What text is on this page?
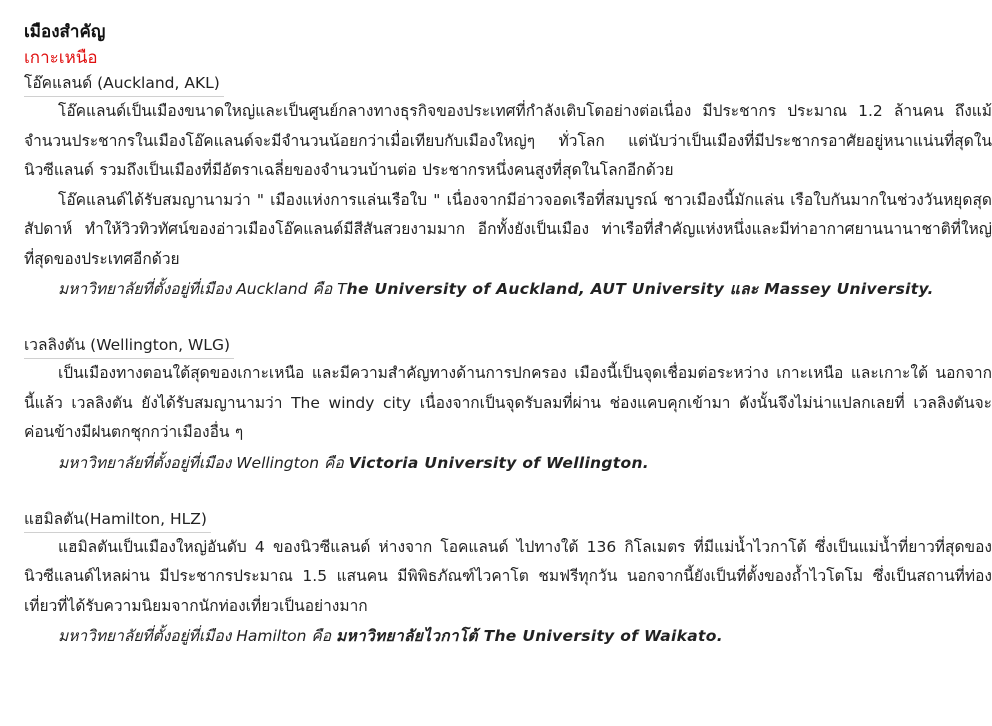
เมืองสำคัญ
เกาะเหนือ
โอ๊คแลนด์ (Auckland, AKL)

โอ๊คแลนด์เป็นเมืองขนาดใหญ่และเป็นศูนย์กลางทางธุรกิจของประเทศที่กำลังเติบโตอย่างต่อเนื่อง มีประชากร ประมาณ 1.2 ล้านคน ถึงแม้จำนวนประชากรในเมืองโอ๊คแลนด์จะมีจำนวนน้อยกว่าเมื่อเทียบกับเมืองใหญ่ๆ ทั่วโลก แต่นับว่าเป็นเมืองที่มีประชากรอาศัยอยู่หนาแน่นที่สุดในนิวซีแลนด์ รวมถึงเป็นเมืองที่มีอัตราเฉลี่ยของจำนวนบ้านต่อ ประชากรหนึ่งคนสูงที่สุดในโลกอีกด้วย

โอ๊คแลนด์ได้รับสมญานามว่า " เมืองแห่งการแล่นเรือใบ " เนื่องจากมีอ่าวจอดเรือที่สมบูรณ์ ชาวเมืองนี้มักแล่น เรือใบกันมากในช่วงวันหยุดสุดสัปดาห์ ทำให้วิวทิวทัศน์ของอ่าวเมืองโอ๊คแลนด์มีสีสันสวยงามมาก อีกทั้งยังเป็นเมือง ท่าเรือที่สำคัญแห่งหนึ่งและมีท่าอากาศยานนานาชาติที่ใหญ่ที่สุดของประเทศอีกด้วย

มหาวิทยาลัยที่ตั้งอยู่ที่เมือง Auckland คือ The University of Auckland, AUT University และ Massey University.

เวลลิงตัน (Wellington, WLG)

เป็นเมืองทางตอนใต้สุดของเกาะเหนือ และมีความสำคัญทางด้านการปกครอง เมืองนี้เป็นจุดเชื่อมต่อระหว่าง เกาะเหนือ และเกาะใต้ นอกจากนี้แล้ว เวลลิงตัน ยังได้รับสมญานามว่า The windy city เนื่องจากเป็นจุดรับลมที่ผ่าน ช่องแคบคุกเข้ามา ดังนั้นจึงไม่น่าแปลกเลยที่ เวลลิงตันจะค่อนข้างมีฝนตกชุกกว่าเมืองอื่น ๆ

มหาวิทยาลัยที่ตั้งอยู่ที่เมือง Wellington คือ Victoria University of Wellington.

แฮมิลตัน(Hamilton, HLZ)

แฮมิลตันเป็นเมืองใหญ่อันดับ 4 ของนิวซีแลนด์ ห่างจาก โอคแลนด์ ไปทางใต้ 136 กิโลเมตร ที่มีแม่น้ำไวกาโต้ ซึ่งเป็นแม่น้ำที่ยาวที่สุดของนิวซีแลนด์ไหลผ่าน มีประชากรประมาณ 1.5 แสนคน มีพิพิธภัณฑ์ไวคาโต ชมฟรีทุกวัน นอกจากนี้ยังเป็นที่ตั้งของถ้ำไวโตโม ซึ่งเป็นสถานที่ท่องเที่ยวที่ได้รับความนิยมจากนักท่องเที่ยวเป็นอย่างมาก

มหาวิทยาลัยที่ตั้งอยู่ที่เมือง Hamilton คือ มหาวิทยาลัยไวกาโต้ The University of Waikato.
